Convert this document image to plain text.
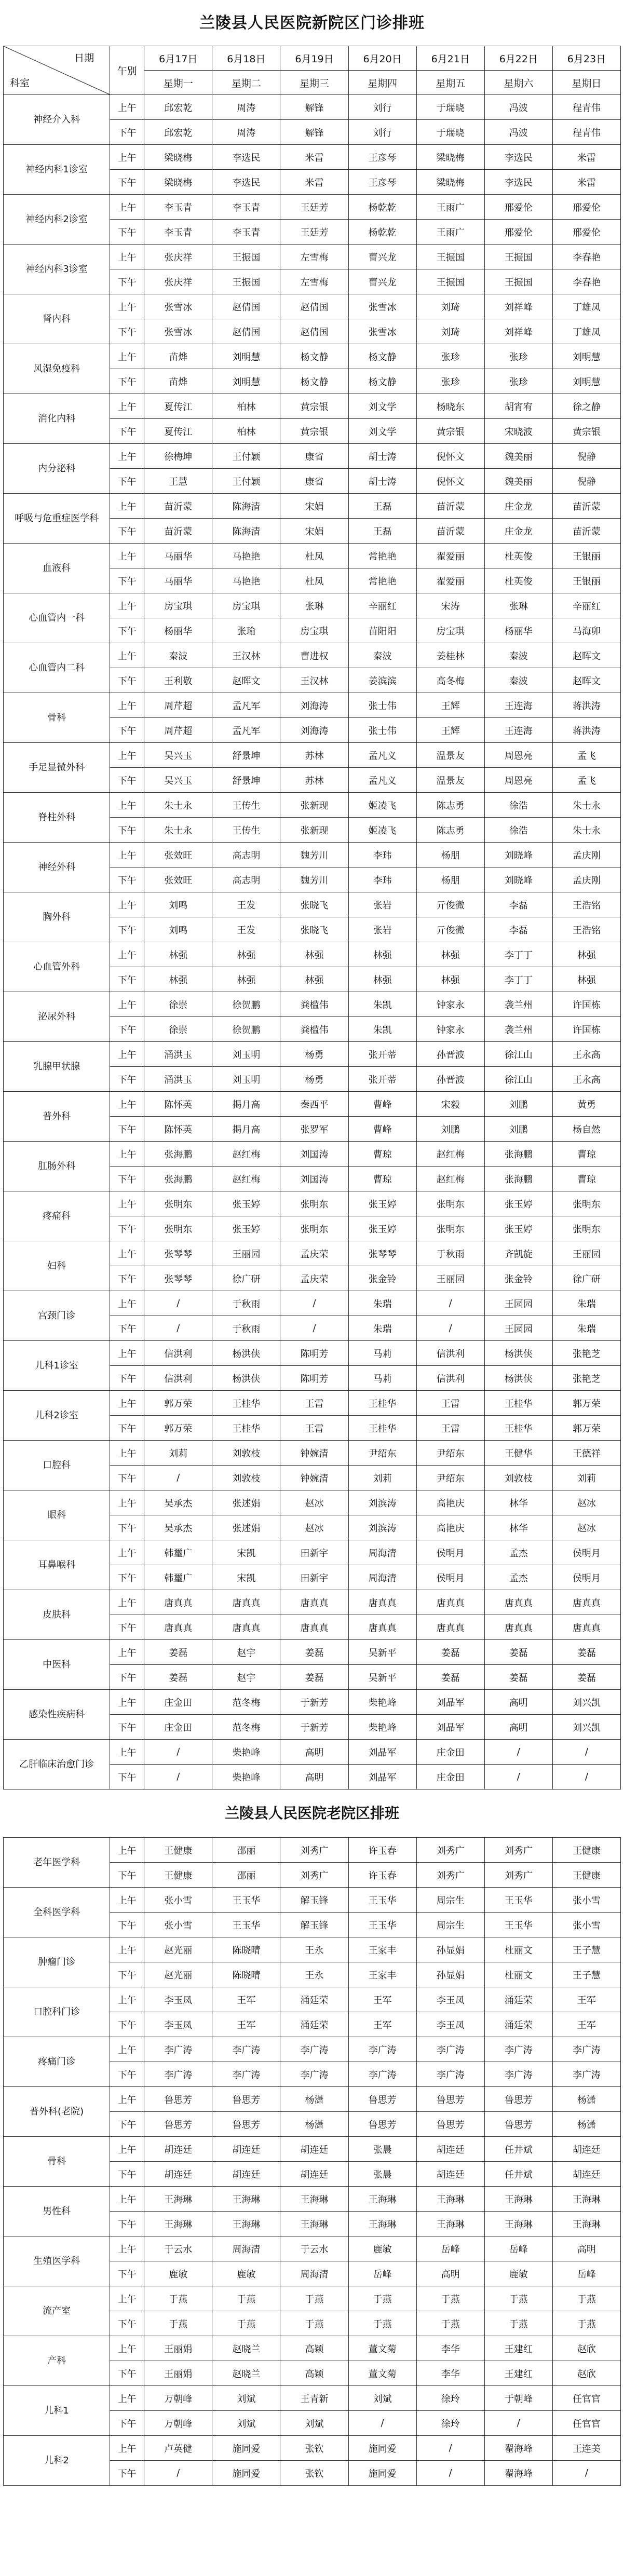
兰陵县人民医院新院区门诊排班
日期
科室	午别	6月17日	6月18日	6月19日	6月20日	6月21日	6月22日	6月23日
		星期一	星期二	星期三	星期四	星期五	星期六	星期日
神经介入科	上午	邱宏乾	周涛	解锋	刘行	于瑞晓	冯波	程青伟
	下午	邱宏乾	周涛	解锋	刘行	于瑞晓	冯波	程青伟
神经内科1诊室	上午	梁晓梅	李选民	米雷	王彦琴	梁晓梅	李选民	米雷
	下午	梁晓梅	李选民	米雷	王彦琴	梁晓梅	李选民	米雷
神经内科2诊室	上午	李玉青	李玉青	王廷芳	杨乾乾	王雨广	邢爱伦	邢爱伦
	下午	李玉青	李玉青	王廷芳	杨乾乾	王雨广	邢爱伦	邢爱伦
神经内科3诊室	上午	张庆祥	王振国	左雪梅	曹兴龙	王振国	王振国	李春艳
	下午	张庆祥	王振国	左雪梅	曹兴龙	王振国	王振国	李春艳
肾内科	上午	张雪冰	赵倩国	赵倩国	张雪冰	刘琦	刘祥峰	丁雄凤
	下午	张雪冰	赵倩国	赵倩国	张雪冰	刘琦	刘祥峰	丁雄凤
风湿免疫科	上午	苗烨	刘明慧	杨文静	杨文静	张珍	张珍	刘明慧
	下午	苗烨	刘明慧	杨文静	杨文静	张珍	张珍	刘明慧
消化内科	上午	夏传江	柏林	黄宗银	刘文学	杨晓东	胡宵宥	徐之静
	下午	夏传江	柏林	黄宗银	刘文学	黄宗银	宋晓波	黄宗银
内分泌科	上午	徐梅坤	王付颖	康省	胡士涛	倪怀文	魏美丽	倪静
	下午	王慧	王付颖	康省	胡士涛	倪怀文	魏美丽	倪静
呼吸与危重症医学科	上午	苗沂蒙	陈海清	宋娟	王磊	苗沂蒙	庄金龙	苗沂蒙
	下午	苗沂蒙	陈海清	宋娟	王磊	苗沂蒙	庄金龙	苗沂蒙
血液科	上午	马丽华	马艳艳	杜凤	常艳艳	翟爱丽	杜英俊	王银丽
	下午	马丽华	马艳艳	杜凤	常艳艳	翟爱丽	杜英俊	王银丽
心血管内一科	上午	房宝琪	房宝琪	张琳	辛丽红	宋涛	张琳	辛丽红
	下午	杨丽华	张瑜	房宝琪	苗阳阳	房宝琪	杨丽华	马海卯
心血管内二科	上午	秦波	王汉林	曹进权	秦波	姜桂林	秦波	赵晖文
	下午	王利敬	赵晖文	王汉林	姜滨滨	高冬梅	秦波	赵晖文
骨科	上午	周芹超	孟凡军	刘海涛	张士伟	王辉	王连海	蒋洪涛
	下午	周芹超	孟凡军	刘海涛	张士伟	王辉	王连海	蒋洪涛
手足显微外科	上午	吴兴玉	舒景坤	苏林	孟凡义	温景友	周恩亮	孟飞
	下午	吴兴玉	舒景坤	苏林	孟凡义	温景友	周恩亮	孟飞
脊柱外科	上午	朱士永	王传生	张新现	姬凌飞	陈志勇	徐浩	朱士永
	下午	朱士永	王传生	张新现	姬凌飞	陈志勇	徐浩	朱士永
神经外科	上午	张效旺	高志明	魏芳川	李玮	杨朋	刘晓峰	孟庆刚
	下午	张效旺	高志明	魏芳川	李玮	杨朋	刘晓峰	孟庆刚
胸外科	上午	刘鸣	王发	张晓飞	张岩	亓俊微	李磊	王浩铭
	下午	刘鸣	王发	张晓飞	张岩	亓俊微	李磊	王浩铭
心血管外科	上午	林强	林强	林强	林强	林强	李丁丁	林强
	下午	林强	林强	林强	林强	林强	李丁丁	林强
泌尿外科	上午	徐崇	徐贺鹏	粪槛伟	朱凯	钟家永	袭兰州	许国栋
	下午	徐崇	徐贺鹏	粪槛伟	朱凯	钟家永	袭兰州	许国栋
乳腺甲状腺	上午	涌洪玉	刘玉明	杨勇	张开蒂	孙晋波	徐江山	王永高
	下午	涌洪玉	刘玉明	杨勇	张开蒂	孙晋波	徐江山	王永高
普外科	上午	陈怀英	揭月高	秦西平	曹峰	宋毅	刘鹏	黄勇
	下午	陈怀英	揭月高	张罗军	曹峰	刘鹏	刘鹏	杨自然
肛肠外科	上午	张海鹏	赵红梅	刘国涛	曹琼	赵红梅	张海鹏	曹琼
	下午	张海鹏	赵红梅	刘国涛	曹琼	赵红梅	张海鹏	曹琼
疼痛科	上午	张明东	张玉婷	张明东	张玉婷	张明东	张玉婷	张明东
	下午	张明东	张玉婷	张明东	张玉婷	张明东	张玉婷	张明东
妇科	上午	张琴琴	王丽园	孟庆荣	张琴琴	于秋雨	齐凯旋	王丽园
	下午	张琴琴	徐广研	孟庆荣	张金铃	王丽园	张金铃	徐广研
宫颈门诊	上午	/	于秋雨	/	朱瑞	/	王园园	朱瑞
	下午	/	于秋雨	/	朱瑞	/	王园园	朱瑞
儿科1诊室	上午	信洪利	杨洪侠	陈明芳	马莉	信洪利	杨洪侠	张艳芝
	下午	信洪利	杨洪侠	陈明芳	马莉	信洪利	杨洪侠	张艳芝
儿科2诊室	上午	郭万荣	王桂华	王雷	王桂华	王雷	王桂华	郭万荣
	下午	郭万荣	王桂华	王雷	王桂华	王雷	王桂华	郭万荣
口腔科	上午	刘莉	刘敦枝	钟婉清	尹绍东	尹绍东	王健华	王德祥
	下午	/	刘敦枝	钟婉清	刘莉	尹绍东	刘敦枝	刘莉
眼科	上午	吴承杰	张述娟	赵冰	刘滨涛	高艳庆	林华	赵冰
	下午	吴承杰	张述娟	赵冰	刘滨涛	高艳庆	林华	赵冰
耳鼻喉科	上午	韩璽广	宋凯	田新宇	周海清	侯明月	孟杰	侯明月
	下午	韩璽广	宋凯	田新宇	周海清	侯明月	孟杰	侯明月
皮肤科	上午	唐真真	唐真真	唐真真	唐真真	唐真真	唐真真	唐真真
	下午	唐真真	唐真真	唐真真	唐真真	唐真真	唐真真	唐真真
中医科	上午	姜磊	赵宇	姜磊	吴新平	姜磊	姜磊	姜磊
	下午	姜磊	赵宇	姜磊	吴新平	姜磊	姜磊	姜磊
感染性疾病科	上午	庄金田	范冬梅	于新芳	柴艳峰	刘晶军	高明	刘兴凯
	下午	庄金田	范冬梅	于新芳	柴艳峰	刘晶军	高明	刘兴凯
乙肝临床治愈门诊	上午	/	柴艳峰	高明	刘晶军	庄金田	/	/
	下午	/	柴艳峰	高明	刘晶军	庄金田	/	/
兰陵县人民医院老院区排班
老年医学科	上午	王健康	邵丽	刘秀广	许玉春	刘秀广	刘秀广	王健康
	下午	王健康	邵丽	刘秀广	许玉春	刘秀广	刘秀广	王健康
全科医学科	上午	张小雪	王玉华	解玉锋	王玉华	周宗生	王玉华	张小雪
	下午	张小雪	王玉华	解玉锋	王玉华	周宗生	王玉华	张小雪
肿瘤门诊	上午	赵光丽	陈晓晴	王永	王家丰	孙显娟	杜丽文	王子慧
	下午	赵光丽	陈晓晴	王永	王家丰	孙显娟	杜丽文	王子慧
口腔科门诊	上午	李玉凤	王军	涌廷荣	王军	李玉凤	涌廷荣	王军
	下午	李玉凤	王军	涌廷荣	王军	李玉凤	涌廷荣	王军
疼痛门诊	上午	李广涛	李广涛	李广涛	李广涛	李广涛	李广涛	李广涛
	下午	李广涛	李广涛	李广涛	李广涛	李广涛	李广涛	李广涛
普外科(老院)	上午	鲁思芳	鲁思芳	杨潇	鲁思芳	鲁思芳	鲁思芳	杨潇
	下午	鲁思芳	鲁思芳	杨潇	鲁思芳	鲁思芳	鲁思芳	杨潇
骨科	上午	胡连廷	胡连廷	胡连廷	张晨	胡连廷	任井斌	胡连廷
	下午	胡连廷	胡连廷	胡连廷	张晨	胡连廷	任井斌	胡连廷
男性科	上午	王海琳	王海琳	王海琳	王海琳	王海琳	王海琳	王海琳
	下午	王海琳	王海琳	王海琳	王海琳	王海琳	王海琳	王海琳
生殖医学科	上午	于云水	周海清	于云水	鹿敏	岳峰	岳峰	高明
	下午	鹿敏	鹿敏	周海清	岳峰	高明	鹿敏	岳峰
流产室	上午	于燕	于燕	于燕	于燕	于燕	于燕	于燕
	下午	于燕	于燕	于燕	于燕	于燕	于燕	于燕
产科	上午	王丽娟	赵晓兰	高颖	董文菊	李华	王建红	赵欣
	下午	王丽娟	赵晓兰	高颖	董文菊	李华	王建红	赵欣
儿科1	上午	万朝峰	刘斌	王青新	刘斌	徐玲	于朝峰	任官官
	下午	万朝峰	刘斌	刘斌	/	徐玲	/	任官官
儿科2	上午	卢英健	施同爱	张钦	施同爱	/	翟海峰	王连美
	下午	/	施同爱	张钦	施同爱	/	翟海峰	/
